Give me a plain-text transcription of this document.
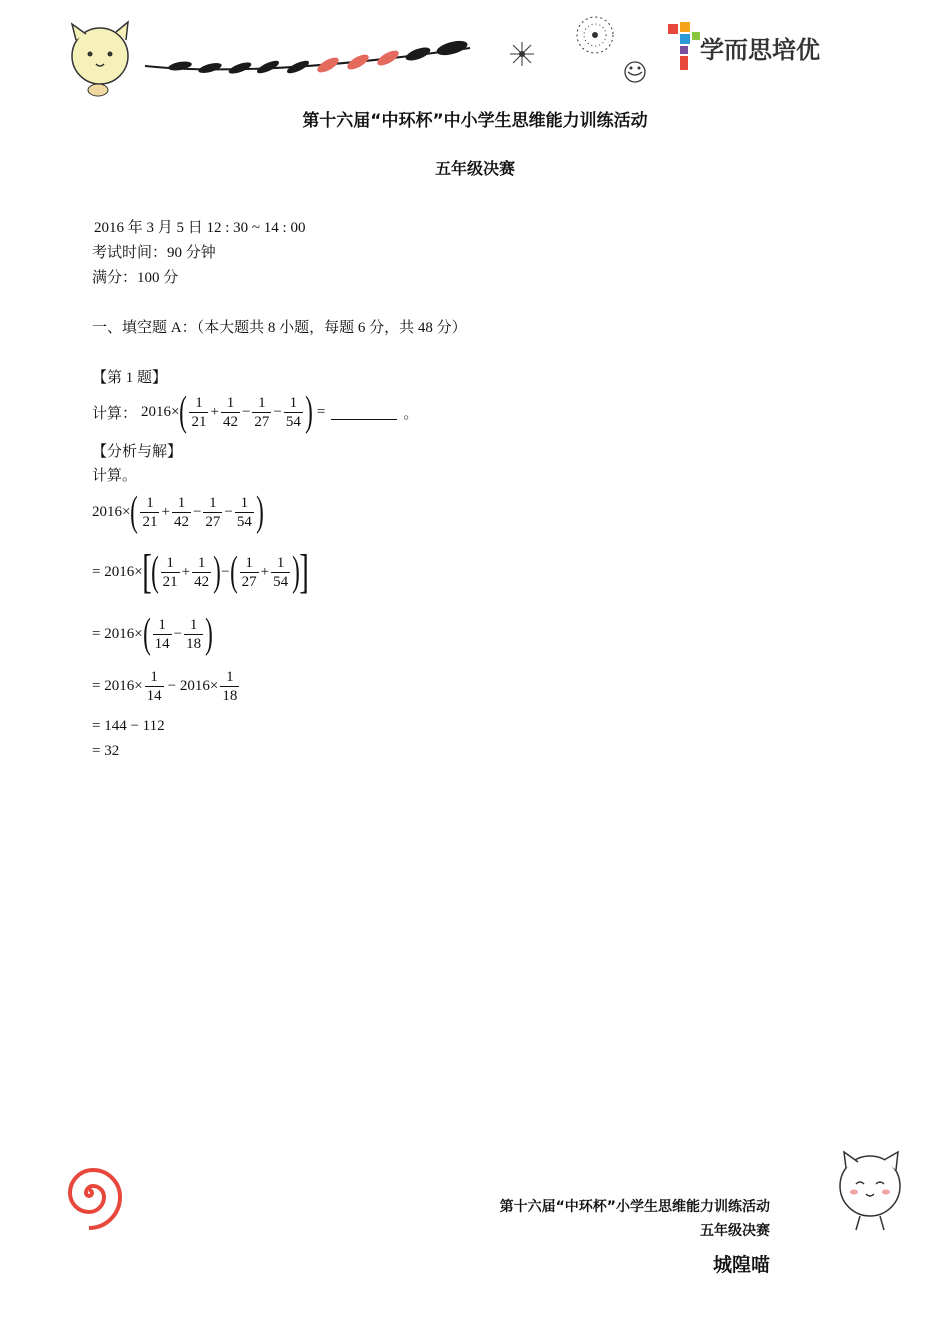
学而思培优
第十六届“中环杯”中小学生思维能力训练活动
五年级决赛
2016 年 3 月 5 日 12 : 30 ~ 14 : 00
考试时间：90 分钟
满分：100 分
一、填空题 A：（本大题共 8 小题，每题 6 分，共 48 分）
【第 1 题】
计算： 2016× ( $\frac{1}{21} + \frac{1}{42} - \frac{1}{27} - \frac{1}{54}$ ) =	。
【分析与解】
计算。
2016× ( $\frac{1}{21} + \frac{1}{42} - \frac{1}{27} - \frac{1}{54}$ )
= 2016× [ ( $\frac{1}{21} + \frac{1}{42}$ ) − ( $\frac{1}{27} + \frac{1}{54}$ ) ]
= 2016× ( $\frac{1}{14} - \frac{1}{18}$ )
= $2016\times \frac{1}{14} - 2016\times \frac{1}{18}$
= 144 − 112
= 32
第十六届“中环杯”小学生思维能力训练活动
五年级决赛
城隍喵
